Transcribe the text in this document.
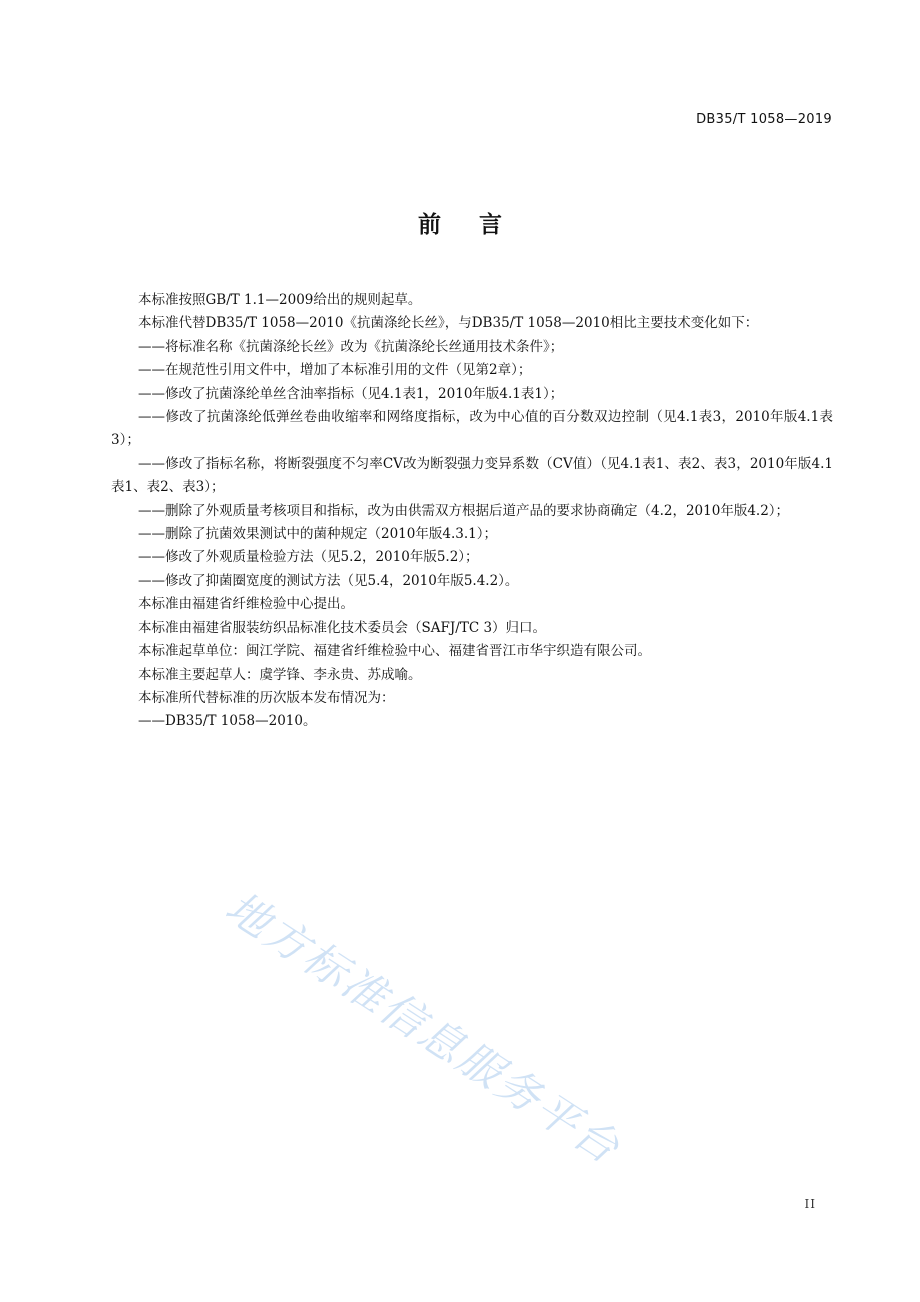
DB35/T 1058—2019
前言

本标准按照GB/T 1.1—2009给出的规则起草。

本标准代替DB35/T 1058—2010《抗菌涤纶长丝》，与DB35/T 1058—2010相比主要技术变化如下：

——将标准名称《抗菌涤纶长丝》改为《抗菌涤纶长丝通用技术条件》；

——在规范性引用文件中，增加了本标准引用的文件（见第2章）；

——修改了抗菌涤纶单丝含油率指标（见4.1表1，2010年版4.1表1）；

——修改了抗菌涤纶低弹丝卷曲收缩率和网络度指标，改为中心值的百分数双边控制（见4.1表3，2010年版4.1表3）；

——修改了指标名称，将断裂强度不匀率CV改为断裂强力变异系数（CV值）（见4.1表1、表2、表3，2010年版4.1表1、表2、表3）；

——删除了外观质量考核项目和指标，改为由供需双方根据后道产品的要求协商确定（4.2，2010年版4.2）；

——删除了抗菌效果测试中的菌种规定（2010年版4.3.1）；

——修改了外观质量检验方法（见5.2，2010年版5.2）；

——修改了抑菌圈宽度的测试方法（见5.4，2010年版5.4.2）。

本标准由福建省纤维检验中心提出。

本标准由福建省服装纺织品标准化技术委员会（SAFJ/TC 3）归口。

本标准起草单位：闽江学院、福建省纤维检验中心、福建省晋江市华宇织造有限公司。

本标准主要起草人：虞学锋、李永贵、苏成喻。

本标准所代替标准的历次版本发布情况为：

——DB35/T 1058—2010。

地方标准信息服务平台
II
